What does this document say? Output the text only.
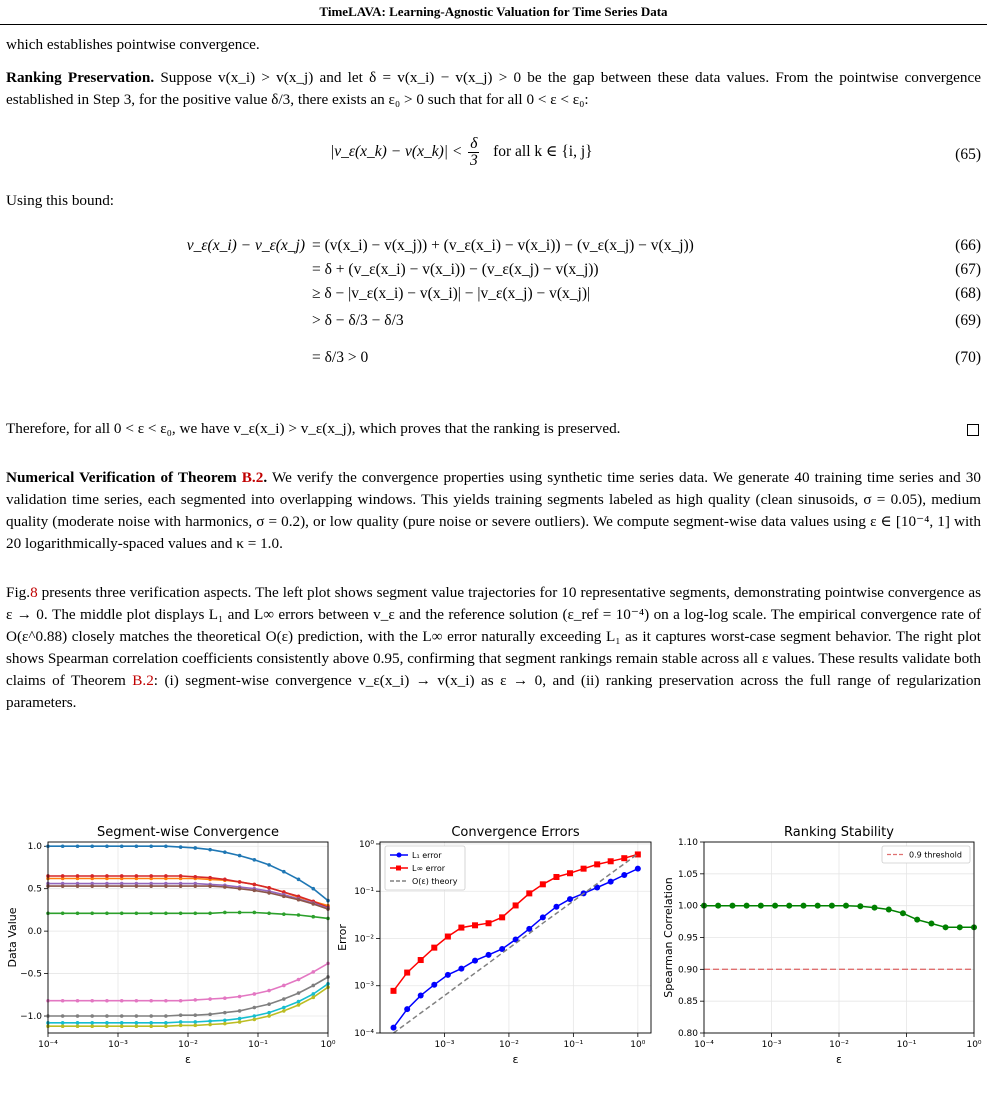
TimeLAVA: Learning-Agnostic Valuation for Time Series Data
which establishes pointwise convergence.
Ranking Preservation. Suppose v(x_i) > v(x_j) and let δ = v(x_i) − v(x_j) > 0 be the gap between these data values. From the pointwise convergence established in Step 3, for the positive value δ/3, there exists an ε₀ > 0 such that for all 0 < ε < ε₀:
|v_ε(x_k) − v(x_k)| < $\frac{\delta}{3}$ for all k ∈ {i, j}	(65)
Using this bound:
v_ε(x_i) − v_ε(x_j) = (v(x_i) − v(x_j)) + (v_ε(x_i) − v(x_i)) − (v_ε(x_j) − v(x_j))	(66)
= δ + (v_ε(x_i) − v(x_i)) − (v_ε(x_j) − v(x_j))	(67)
≥ δ − |v_ε(x_i) − v(x_i)| − |v_ε(x_j) − v(x_j)|	(68)
> δ − δ/3 − δ/3	(69)
= δ/3 > 0	(70)
Therefore, for all 0 < ε < ε₀, we have v_ε(x_i) > v_ε(x_j), which proves that the ranking is preserved.
Numerical Verification of Theorem B.2. We verify the convergence properties using synthetic time series data. We generate 40 training time series and 30 validation time series, each segmented into overlapping windows. This yields training segments labeled as high quality (clean sinusoids, σ = 0.05), medium quality (moderate noise with harmonics, σ = 0.2), or low quality (pure noise or severe outliers). We compute segment-wise data values using ε ∈ [10⁻⁴, 1] with 20 logarithmically-spaced values and κ = 1.0.
Fig.8 presents three verification aspects. The left plot shows segment value trajectories for 10 representative segments, demonstrating pointwise convergence as ε → 0. The middle plot displays L₁ and L∞ errors between v_ε and the reference solution (ε_ref = 10⁻⁴) on a log-log scale. The empirical convergence rate of O(ε^0.88) closely matches the theoretical O(ε) prediction, with the L∞ error naturally exceeding L₁ as it captures worst-case segment behavior. The right plot shows Spearman correlation coefficients consistently above 0.95, confirming that segment rankings remain stable across all ε values. These results validate both claims of Theorem B.2: (i) segment-wise convergence v_ε(x_i) → v(x_i) as ε → 0, and (ii) ranking preservation across the full range of regularization parameters.
10⁻⁴	10⁻³	10⁻²	10⁻¹	10⁰
1.0
0.5
0.0
−0.5
−1.0
Segment-wise Convergence
ε
Data Value
10⁻³	10⁻²	10⁻¹	10⁰
10⁰
10⁻¹
10⁻²
10⁻³
10⁻⁴
Convergence Errors
ε
Error
L₁ error
L∞ error
O(ε) theory
10⁻⁴	10⁻³	10⁻²	10⁻¹	10⁰
1.10
1.05
1.00
0.95
0.90
0.85
0.80
Ranking Stability
ε
Spearman Correlation
0.9 threshold
